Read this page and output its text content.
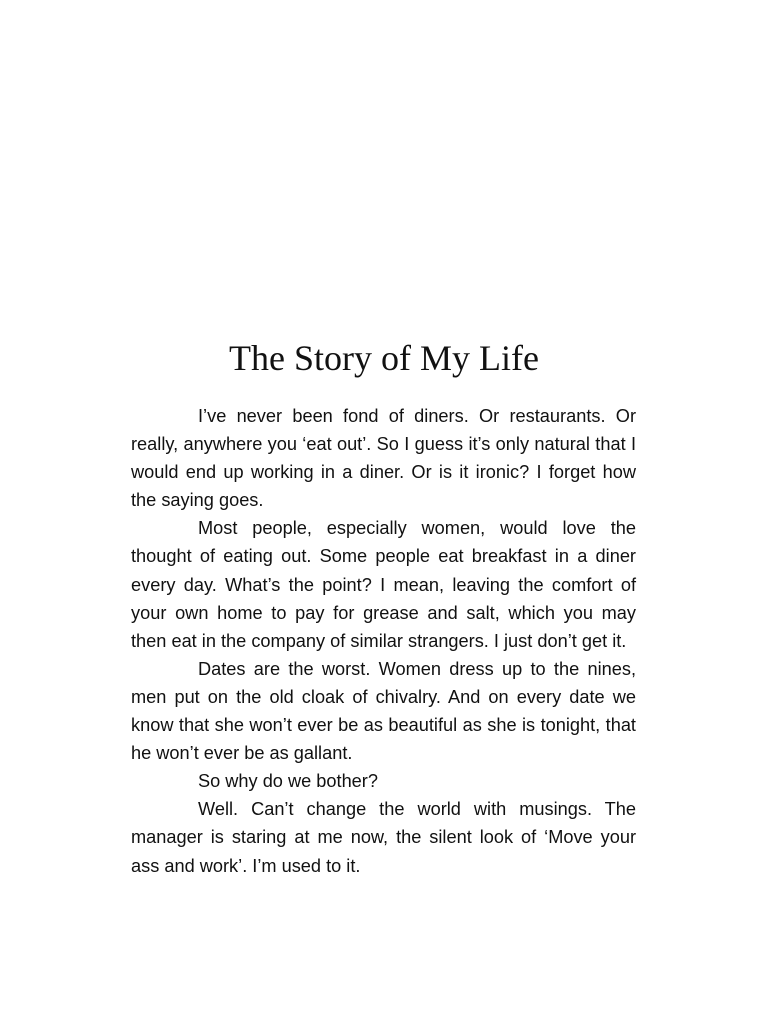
The Story of My Life

I’ve never been fond of diners. Or restaurants. Or really, anywhere you ‘eat out’. So I guess it’s only natural that I would end up working in a diner. Or is it ironic? I forget how the saying goes.

Most people, especially women, would love the thought of eating out. Some people eat breakfast in a diner every day. What’s the point? I mean, leaving the comfort of your own home to pay for grease and salt, which you may then eat in the company of similar strangers. I just don’t get it.

Dates are the worst. Women dress up to the nines, men put on the old cloak of chivalry. And on every date we know that she won’t ever be as beautiful as she is tonight, that he won’t ever be as gallant.

So why do we bother?

Well. Can’t change the world with musings. The manager is staring at me now, the silent look of ‘Move your ass and work’. I’m used to it.
